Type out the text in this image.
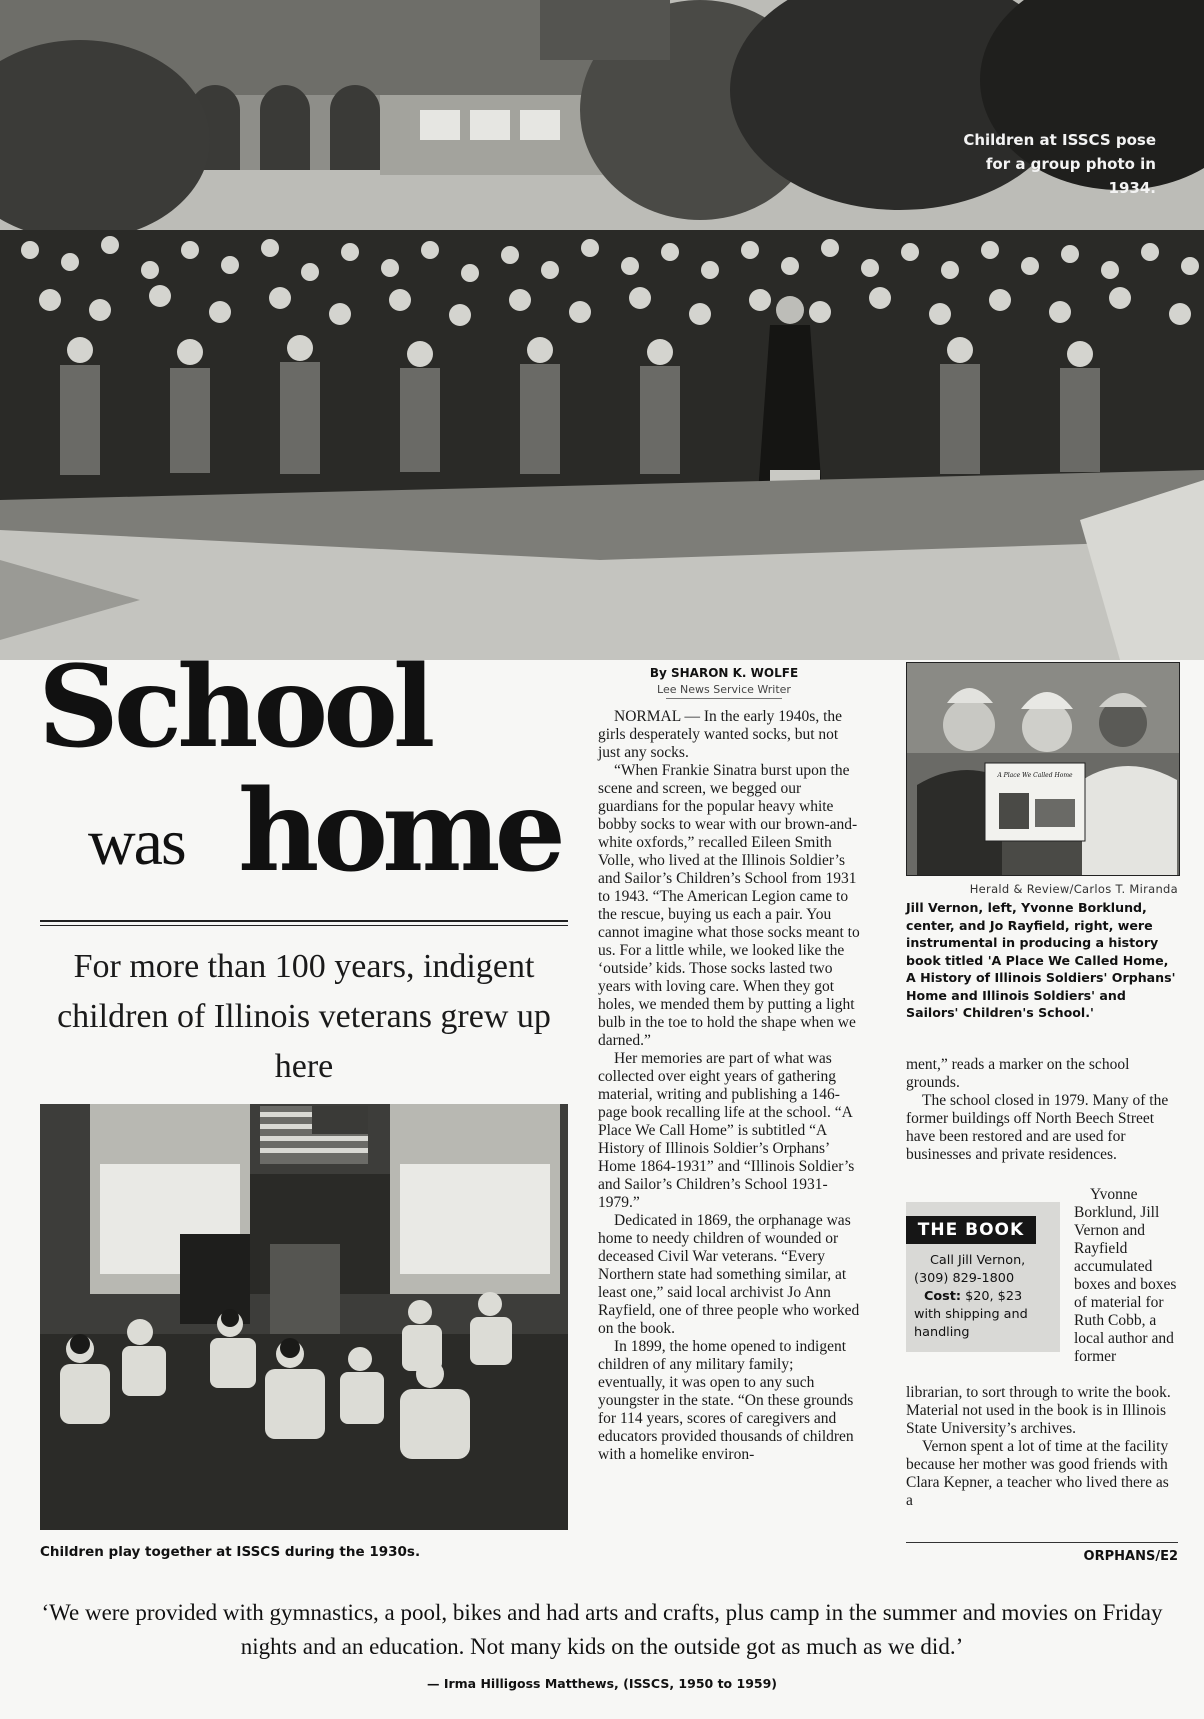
Children at ISSCS pose for a group photo in 1934.
School
was home
For more than 100 years, indigent children of Illinois veterans grew up here
Children play together at ISSCS during the 1930s.
By SHARON K. WOLFE
Lee News Service Writer

NORMAL — In the early 1940s, the girls desperately wanted socks, but not just any socks.

“When Frankie Sinatra burst upon the scene and screen, we begged our guardians for the popular heavy white bobby socks to wear with our brown-and-white oxfords,” recalled Eileen Smith Volle, who lived at the Illinois Soldier’s and Sailor’s Children’s School from 1931 to 1943. “The American Legion came to the rescue, buying us each a pair. You cannot imagine what those socks meant to us. For a little while, we looked like the ‘outside’ kids. Those socks lasted two years with loving care. When they got holes, we mended them by putting a light bulb in the toe to hold the shape when we darned.”

Her memories are part of what was collected over eight years of gathering material, writing and publishing a 146-page book recalling life at the school. “A Place We Call Home” is subtitled “A History of Illinois Soldier’s Orphans’ Home 1864-1931” and “Illinois Soldier’s and Sailor’s Children’s School 1931-1979.”

Dedicated in 1869, the orphanage was home to needy children of wounded or deceased Civil War veterans. “Every Northern state had something similar, at least one,” said local archivist Jo Ann Rayfield, one of three people who worked on the book.

In 1899, the home opened to indigent children of any military family; eventually, it was open to any such youngster in the state. “On these grounds for 114 years, scores of caregivers and educators provided thousands of children with a homelike environ-

A Place We Called Home
Herald & Review/Carlos T. Miranda
Jill Vernon, left, Yvonne Borklund, center, and Jo Rayfield, right, were instrumental in producing a history book titled 'A Place We Called Home, A History of Illinois Soldiers' Orphans' Home and Illinois Soldiers' and Sailors' Children's School.'

ment,” reads a marker on the school grounds.

The school closed in 1979. Many of the former buildings off North Beech Street have been restored and are used for businesses and private residences.

THE BOOK
Call Jill Vernon,
(309) 829-1800
Cost: $20, $23
with shipping and handling

Yvonne Borklund, Jill Vernon and Rayfield accumulated boxes and boxes of material for Ruth Cobb, a local author and former

librarian, to sort through to write the book. Material not used in the book is in Illinois State University’s archives.

Vernon spent a lot of time at the facility because her mother was good friends with Clara Kepner, a teacher who lived there as a

ORPHANS/E2
‘We were provided with gymnastics, a pool, bikes and had arts and crafts, plus camp in the summer and movies on Friday nights and an education. Not many kids on the outside got as much as we did.’
— Irma Hilligoss Matthews, (ISSCS, 1950 to 1959)
